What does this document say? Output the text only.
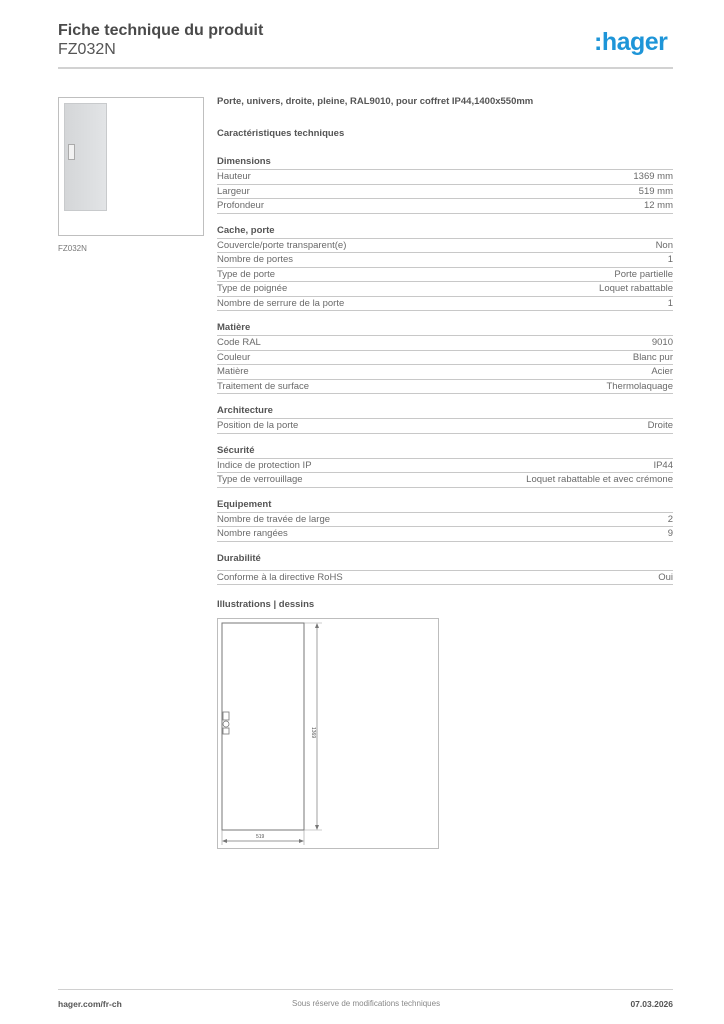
Fiche technique du produit
FZ032N	:hager
FZ032N
Porte, univers, droite, pleine, RAL9010, pour coffret IP44,1400x550mm
Caractéristiques techniques
Dimensions
Hauteur	1369 mm
Largeur	519 mm
Profondeur	12 mm
Cache, porte
Couvercle/porte transparent(e)	Non
Nombre de portes	1
Type de porte	Porte partielle
Type de poignée	Loquet rabattable
Nombre de serrure de la porte	1
Matière
Code RAL	9010
Couleur	Blanc pur
Matière	Acier
Traitement de surface	Thermolaquage
Architecture
Position de la porte	Droite
Sécurité
Indice de protection IP	IP44
Type de verrouillage	Loquet rabattable et avec crémone
Equipement
Nombre de travée de large	2
Nombre rangées	9
Durabilité
Conforme à la directive RoHS	Oui
Illustrations | dessins
1369
519
hager.com/fr-ch	Sous réserve de modifications techniques	07.03.2026
